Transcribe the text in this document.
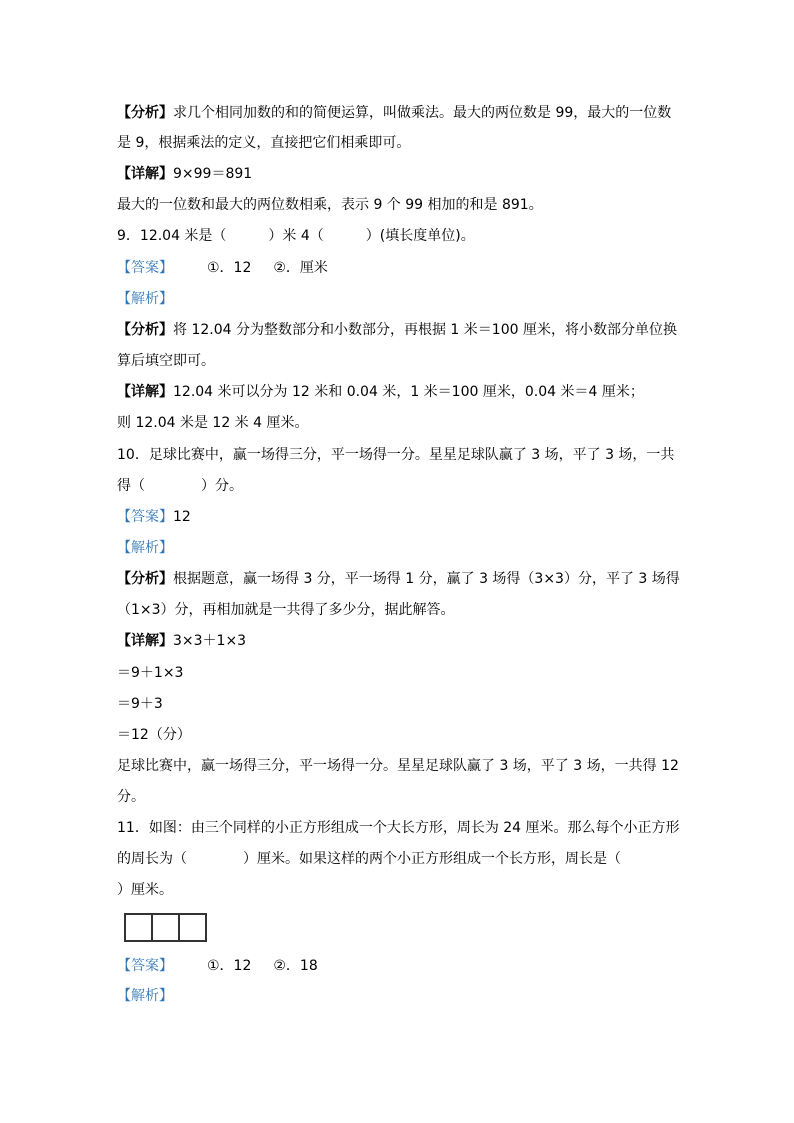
【分析】求几个相同加数的和的简便运算，叫做乘法。最大的两位数是 99，最大的一位数
是 9，根据乘法的定义，直接把它们相乘即可。
【详解】9×99＝891
最大的一位数和最大的两位数相乘，表示 9 个 99 相加的和是 891。
9．12.04 米是（　　　）米 4（　　　）(填长度单位)。
【答案】 ①．12 ②．厘米
【解析】
【分析】将 12.04 分为整数部分和小数部分，再根据 1 米＝100 厘米，将小数部分单位换
算后填空即可。
【详解】12.04 米可以分为 12 米和 0.04 米，1 米＝100 厘米，0.04 米＝4 厘米；
则 12.04 米是 12 米 4 厘米。
10．足球比赛中，赢一场得三分，平一场得一分。星星足球队赢了 3 场，平了 3 场，一共
得（　　　　）分。
【答案】12
【解析】
【分析】根据题意，赢一场得 3 分，平一场得 1 分，赢了 3 场得（3×3）分，平了 3 场得
（1×3）分，再相加就是一共得了多少分，据此解答。
【详解】3×3＋1×3
＝9＋1×3
＝9＋3
＝12（分）
足球比赛中，赢一场得三分，平一场得一分。星星足球队赢了 3 场，平了 3 场，一共得 12
分。
11．如图：由三个同样的小正方形组成一个大长方形，周长为 24 厘米。那么每个小正方形
的周长为（　　　　）厘米。如果这样的两个小正方形组成一个长方形，周长是（
）厘米。
【答案】 ①．12 ②．18
【解析】
